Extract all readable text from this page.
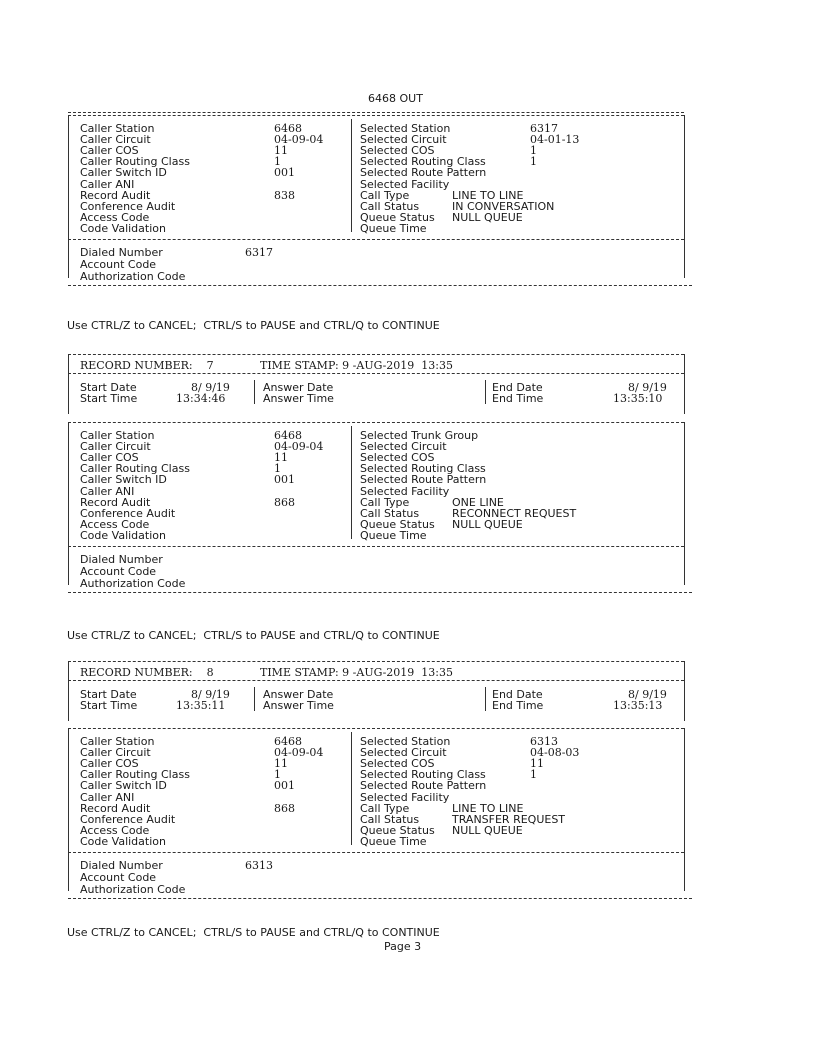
6468 OUT
Use CTRL/Z to CANCEL;  CTRL/S to PAUSE and CTRL/Q to CONTINUE
Use CTRL/Z to CANCEL;  CTRL/S to PAUSE and CTRL/Q to CONTINUE
Use CTRL/Z to CANCEL;  CTRL/S to PAUSE and CTRL/Q to CONTINUE
Page 3
Caller Station	6468	Selected Station	6317
Caller Circuit	04-09-04	Selected Circuit	04-01-13
Caller COS	11	Selected COS	1
Caller Routing Class	1	Selected Routing Class	1
Caller Switch ID	001	Selected Route Pattern
Caller ANI	Selected Facility
Record Audit	838	Call Type	LINE TO LINE
Conference Audit	Call Status	IN CONVERSATION
Access Code	Queue Status NULL QUEUE
Code Validation	Queue Time
Dialed Number	6317
Account Code
Authorization Code
RECORD NUMBER:    7	TIME STAMP: 9 -AUG-2019  13:35
Start Date	8/ 9/19
Start Time	13:34:46
Answer Date
Answer Time
End Date	8/ 9/19
End Time	13:35:10
Caller Station	6468	Selected Trunk Group
Caller Circuit	04-09-04	Selected Circuit
Caller COS	11	Selected COS
Caller Routing Class	1	Selected Routing Class
Caller Switch ID	001	Selected Route Pattern
Caller ANI	Selected Facility
Record Audit	868	Call Type	ONE LINE
Conference Audit	Call Status	RECONNECT REQUEST
Access Code	Queue Status NULL QUEUE
Code Validation	Queue Time
Dialed Number
Account Code
Authorization Code
RECORD NUMBER:    8	TIME STAMP: 9 -AUG-2019  13:35
Start Date	8/ 9/19
Start Time	13:35:11
Answer Date
Answer Time
End Date	8/ 9/19
End Time	13:35:13
Caller Station	6468	Selected Station	6313
Caller Circuit	04-09-04	Selected Circuit	04-08-03
Caller COS	11	Selected COS	11
Caller Routing Class	1	Selected Routing Class	1
Caller Switch ID	001	Selected Route Pattern
Caller ANI	Selected Facility
Record Audit	868	Call Type	LINE TO LINE
Conference Audit	Call Status	TRANSFER REQUEST
Access Code	Queue Status NULL QUEUE
Code Validation	Queue Time
Dialed Number	6313
Account Code
Authorization Code
